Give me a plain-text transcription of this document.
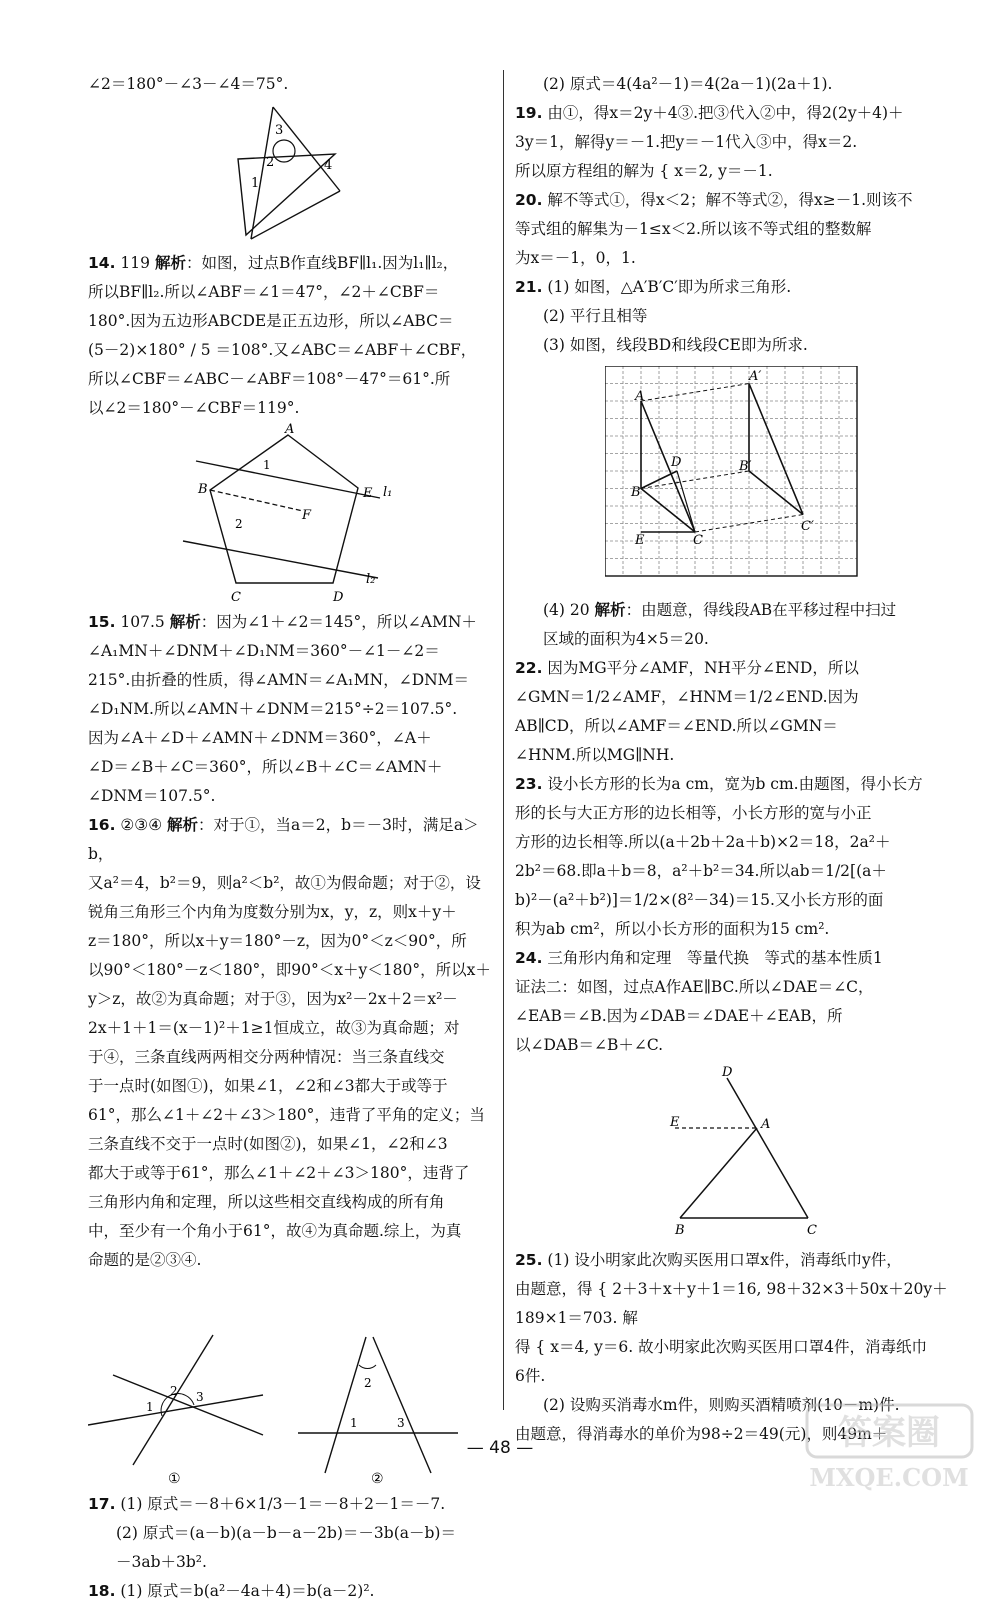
∠2＝180°－∠3－∠4＝75°.

3
2	4
1

14. 119 解析：如图，过点B作直线BF∥l₁.因为l₁∥l₂，

所以BF∥l₂.所以∠ABF＝∠1＝47°，∠2＋∠CBF＝

180°.因为五边形ABCDE是正五边形，所以∠ABC＝

(5－2)×180° / 5 ＝108°.又∠ABC＝∠ABF＋∠CBF，

所以∠CBF＝∠ABC－∠ABF＝108°－47°＝61°.所

以∠2＝180°－∠CBF＝119°.

A
1
B
F
E l₁
2
C	D
l₂

15. 107.5 解析：因为∠1＋∠2＝145°，所以∠AMN＋

∠A₁MN＋∠DNM＋∠D₁NM＝360°－∠1－∠2＝

215°.由折叠的性质，得∠AMN＝∠A₁MN，∠DNM＝

∠D₁NM.所以∠AMN＋∠DNM＝215°÷2＝107.5°.

因为∠A＋∠D＋∠AMN＋∠DNM＝360°，∠A＋

∠D＝∠B＋∠C＝360°，所以∠B＋∠C＝∠AMN＋

∠DNM＝107.5°.

16. ②③④ 解析：对于①，当a＝2，b＝－3时，满足a＞b，

又a²＝4，b²＝9，则a²＜b²，故①为假命题；对于②，设

锐角三角形三个内角为度数分别为x，y，z，则x＋y＋

z＝180°，所以x＋y＝180°－z，因为0°＜z＜90°，所

以90°＜180°－z＜180°，即90°＜x＋y＜180°，所以x＋

y＞z，故②为真命题；对于③，因为x²－2x＋2＝x²－

2x＋1＋1＝(x－1)²＋1≥1恒成立，故③为真命题；对

于④，三条直线两两相交分两种情况：当三条直线交

于一点时(如图①)，如果∠1，∠2和∠3都大于或等于

61°，那么∠1＋∠2＋∠3＞180°，违背了平角的定义；当

三条直线不交于一点时(如图②)，如果∠1，∠2和∠3

都大于或等于61°，那么∠1＋∠2＋∠3＞180°，违背了

三角形内角和定理，所以这些相交直线构成的所有角

中，至少有一个角小于61°，故④为真命题.综上，为真

命题的是②③④.

2
1
3
①
2
1	3
②

17. (1) 原式＝－8＋6×1/3－1＝－8＋2－1＝－7.

(2) 原式＝(a－b)(a－b－a－2b)＝－3b(a－b)＝

－3ab＋3b².

18. (1) 原式＝b(a²－4a＋4)＝b(a－2)².

(2) 原式＝4(4a²－1)＝4(2a－1)(2a＋1).

19. 由①，得x＝2y＋4③.把③代入②中，得2(2y＋4)＋

3y＝1，解得y＝－1.把y＝－1代入③中，得x＝2.

所以原方程组的解为 { x＝2, y＝－1.

20. 解不等式①，得x＜2；解不等式②，得x≥－1.则该不

等式组的解集为－1≤x＜2.所以该不等式组的整数解

为x＝－1，0，1.

21. (1) 如图，△A′B′C′即为所求三角形.

(2) 平行且相等

(3) 如图，线段BD和线段CE即为所求.

A
A′
D
B
B′
E	C
C′

(4) 20 解析：由题意，得线段AB在平移过程中扫过

区域的面积为4×5＝20.

22. 因为MG平分∠AMF，NH平分∠END，所以

∠GMN＝1/2∠AMF，∠HNM＝1/2∠END.因为

AB∥CD，所以∠AMF＝∠END.所以∠GMN＝

∠HNM.所以MG∥NH.

23. 设小长方形的长为a cm，宽为b cm.由题图，得小长方

形的长与大正方形的边长相等，小长方形的宽与小正

方形的边长相等.所以(a＋2b＋2a＋b)×2＝18，2a²＋

2b²＝68.即a＋b＝8，a²＋b²＝34.所以ab＝1/2[(a＋

b)²－(a²＋b²)]＝1/2×(8²－34)＝15.又小长方形的面

积为ab cm²，所以小长方形的面积为15 cm².

24. 三角形内角和定理　等量代换　等式的基本性质1

证法二：如图，过点A作AE∥BC.所以∠DAE＝∠C，

∠EAB＝∠B.因为∠DAB＝∠DAE＋∠EAB，所

以∠DAB＝∠B＋∠C.

D
E	A
B	C

25. (1) 设小明家此次购买医用口罩x件，消毒纸巾y件，

由题意，得 { 2＋3＋x＋y＋1＝16, 98＋32×3＋50x＋20y＋189×1＝703. 解

得 { x＝4, y＝6. 故小明家此次购买医用口罩4件，消毒纸巾

6件.

(2) 设购买消毒水m件，则购买酒精喷剂(10－m)件.

由题意，得消毒水的单价为98÷2＝49(元)，则49m＋

— 48 —	答案圈
MXQE.COM
